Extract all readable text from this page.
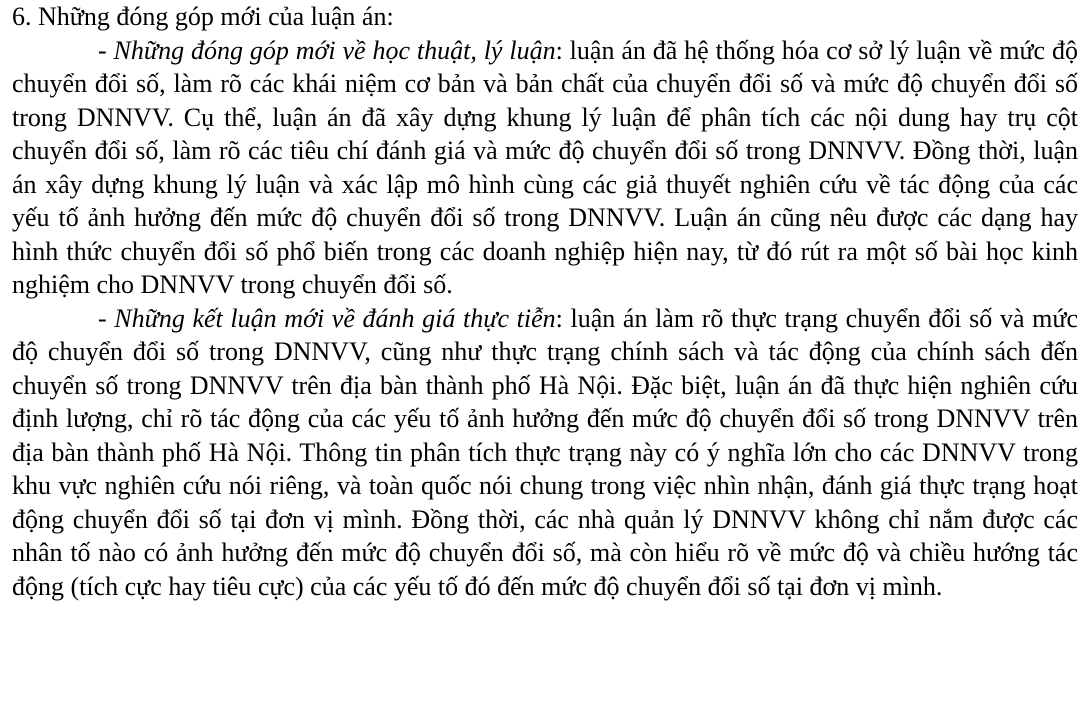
6. Những đóng góp mới của luận án:

- Những đóng góp mới về học thuật, lý luận: luận án đã hệ thống hóa cơ sở lý luận về mức độ chuyển đổi số, làm rõ các khái niệm cơ bản và bản chất của chuyển đổi số và mức độ chuyển đổi số trong DNNVV. Cụ thể, luận án đã xây dựng khung lý luận để phân tích các nội dung hay trụ cột chuyển đổi số, làm rõ các tiêu chí đánh giá và mức độ chuyển đổi số trong DNNVV. Đồng thời, luận án xây dựng khung lý luận và xác lập mô hình cùng các giả thuyết nghiên cứu về tác động của các yếu tố ảnh hưởng đến mức độ chuyển đổi số trong DNNVV. Luận án cũng nêu được các dạng hay hình thức chuyển đổi số phổ biến trong các doanh nghiệp hiện nay, từ đó rút ra một số bài học kinh nghiệm cho DNNVV trong chuyển đổi số.

- Những kết luận mới về đánh giá thực tiễn: luận án làm rõ thực trạng chuyển đổi số và mức độ chuyển đổi số trong DNNVV, cũng như thực trạng chính sách và tác động của chính sách đến chuyển số trong DNNVV trên địa bàn thành phố Hà Nội. Đặc biệt, luận án đã thực hiện nghiên cứu định lượng, chỉ rõ tác động của các yếu tố ảnh hưởng đến mức độ chuyển đổi số trong DNNVV trên địa bàn thành phố Hà Nội. Thông tin phân tích thực trạng này có ý nghĩa lớn cho các DNNVV trong khu vực nghiên cứu nói riêng, và toàn quốc nói chung trong việc nhìn nhận, đánh giá thực trạng hoạt động chuyển đổi số tại đơn vị mình. Đồng thời, các nhà quản lý DNNVV không chỉ nắm được các nhân tố nào có ảnh hưởng đến mức độ chuyển đổi số, mà còn hiểu rõ về mức độ và chiều hướng tác động (tích cực hay tiêu cực) của các yếu tố đó đến mức độ chuyển đổi số tại đơn vị mình.
